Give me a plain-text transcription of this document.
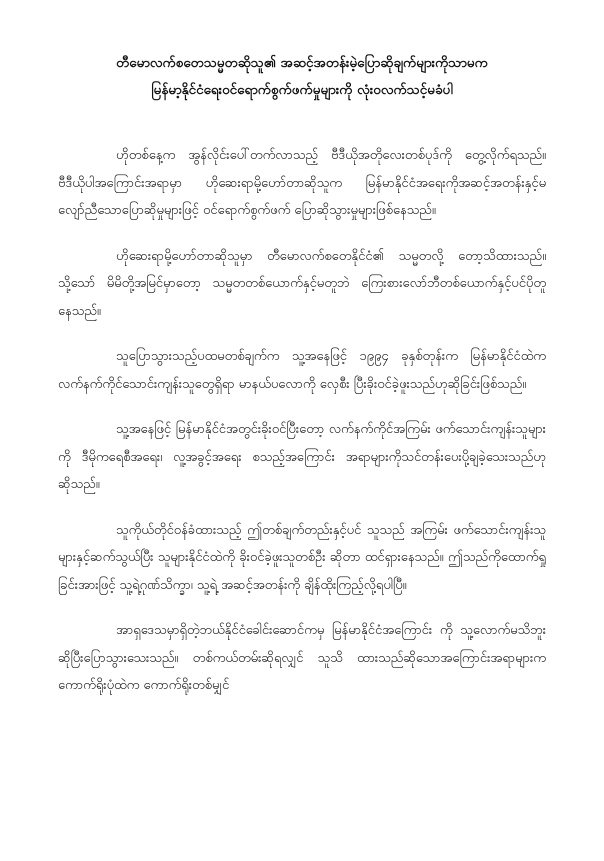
တီမောလက်စတေသမ္မတဆိုသူ၏ အဆင့်အတန်းမဲ့ပြောဆိုချက်များကိုသာမက
မြန်မာ့နိုင်ငံရေးဝင်ရောက်စွက်ဖက်မှုများကို လုံးဝလက်သင့်မခံပါ

ဟိုတစ်နေ့က အွန်လိုင်းပေါ်တက်လာသည့် ဗီဒီယိုအတိုလေးတစ်ပုဒ်ကို တွေ့လိုက်ရသည်။ ဗီဒီယိုပါအကြောင်းအရာမှာ ဟိုဆေးရာမို့ဟော်တာဆိုသူက မြန်မာနိုင်ငံအရေးကိုအဆင့်အတန်းနှင့်မလျော်ညီသောပြောဆိုမှုများဖြင့် ဝင်ရောက်စွက်ဖက် ပြောဆိုသွားမှုများဖြစ်နေသည်။

ဟိုဆေးရာမို့ဟော်တာဆိုသူမှာ တီမောလက်စတေနိုင်ငံ၏ သမ္မတလို့ တော့သိထားသည်။ သို့သော် မိမိတို့အမြင်မှာတော့ သမ္မတတစ်ယောက်နှင့်မတူဘဲ ကြေးစားလော်ဘီတစ်ယောက်နှင့်ပင်ပိုတူနေသည်။

သူပြောသွားသည့်ပထမတစ်ချက်က သူ့အနေဖြင့် ၁၉၉၄ ခုနှစ်တုန်းက မြန်မာနိုင်ငံထဲက လက်နက်ကိုင်သောင်းကျန်းသူတွေရှိရာ မာနယ်ပလောကို လှေစီး ပြီးခိုးဝင်ခဲ့ဖူးသည်ဟုဆိုခြင်းဖြစ်သည်။

သူ့အနေဖြင့် မြန်မာနိုင်ငံအတွင်းခိုးဝင်ပြီးတော့ လက်နက်ကိုင်အကြမ်း ဖက်သောင်းကျန်းသူများကို ဒီမိုကရေစီအရေး၊ လူ့အခွင့်အရေး စသည့်အကြောင်း အရာများကိုသင်တန်းပေးပို့ချခဲ့သေးသည်ဟုဆိုသည်။

သူကိုယ်တိုင်ဝန်ခံထားသည့် ဤတစ်ချက်တည်းနှင့်ပင် သူသည် အကြမ်း ဖက်သောင်းကျန်းသူများနှင့်ဆက်သွယ်ပြီး သူများနိုင်ငံထဲကို ခိုးဝင်ခဲ့ဖူးသူတစ်ဦး ဆိုတာ ထင်ရှားနေသည်။ ဤသည်ကိုထောက်ရှုခြင်းအားဖြင့် သူ့ရဲ့ဂုဏ်သိက္ခာ၊ သူ့ရဲ့ အဆင့်အတန်းကို ချိန်ထိုးကြည့်လို့ရပါပြီ။

အာရှဒေသမှာရှိတဲ့ဘယ်နိုင်ငံခေါင်းဆောင်ကမှ မြန်မာနိုင်ငံအကြောင်း ကို သူ့လောက်မသိဘူးဆိုပြီးပြောသွားသေးသည်။ တစ်ကယ်တမ်းဆိုရလျှင် သူသိ ထားသည်ဆိုသောအကြောင်းအရာများက ကောက်ရိုးပုံထဲက ကောက်ရိုးတစ်မျှင်
